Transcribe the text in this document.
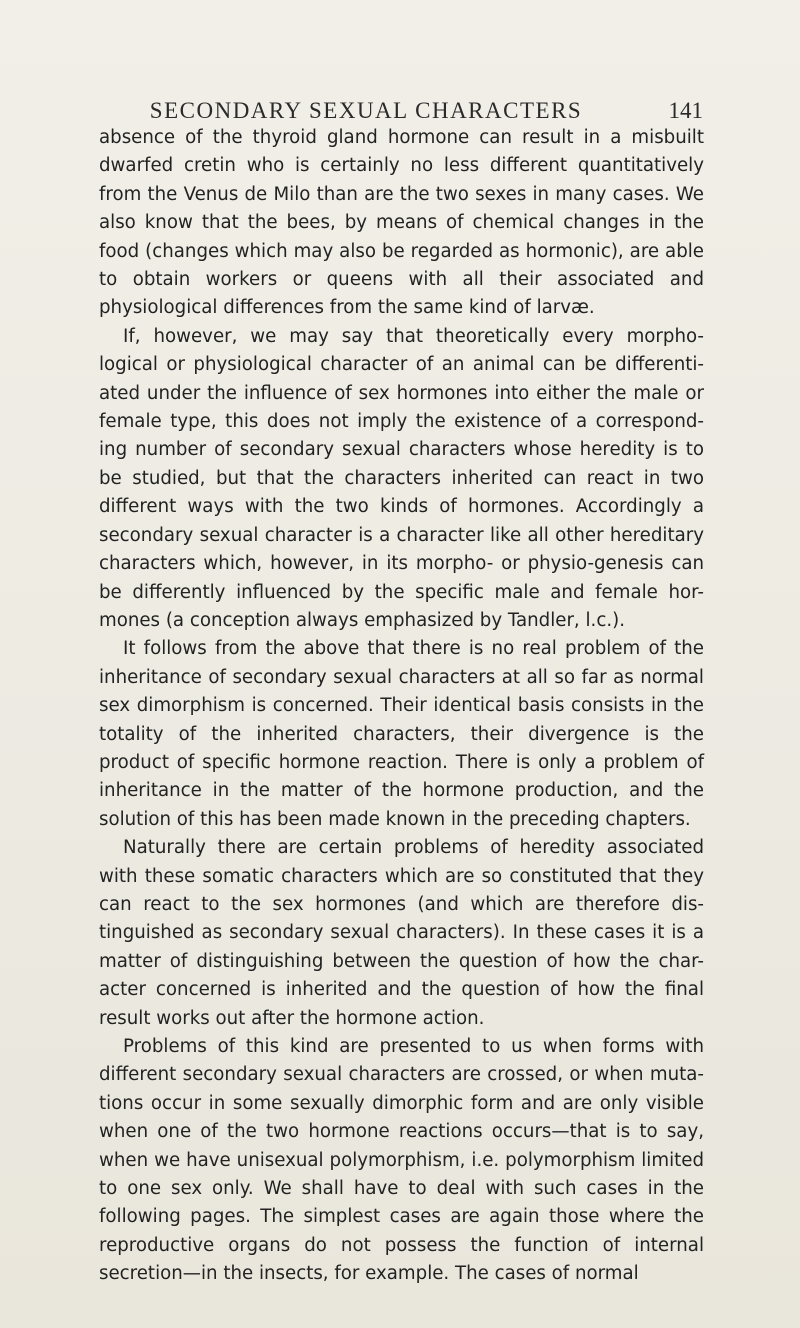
SECONDARY SEXUAL CHARACTERS	141

absence of the thyroid gland hormone can result in a misbuilt dwarfed cretin who is certainly no less different quantitatively from the Venus de Milo than are the two sexes in many cases. We also know that the bees, by means of chemical changes in the food (changes which may also be regarded as hormonic), are able to obtain workers or queens with all their associated and physiological differences from the same kind of larvæ.

If, however, we may say that theoretically every morpho-logical or physiological character of an animal can be differenti-ated under the influence of sex hormones into either the male or female type, this does not imply the existence of a correspond-ing number of secondary sexual characters whose heredity is to be studied, but that the characters inherited can react in two different ways with the two kinds of hormones. Accordingly a secondary sexual character is a character like all other hereditary characters which, however, in its morpho- or physio-genesis can be differently influenced by the specific male and female hor-mones (a conception always emphasized by Tandler, l.c.).

It follows from the above that there is no real problem of the inheritance of secondary sexual characters at all so far as normal sex dimorphism is concerned. Their identical basis consists in the totality of the inherited characters, their divergence is the product of specific hormone reaction. There is only a problem of inheritance in the matter of the hormone production, and the solution of this has been made known in the preceding chapters.

Naturally there are certain problems of heredity associated with these somatic characters which are so constituted that they can react to the sex hormones (and which are therefore dis-tinguished as secondary sexual characters). In these cases it is a matter of distinguishing between the question of how the char-acter concerned is inherited and the question of how the final result works out after the hormone action.

Problems of this kind are presented to us when forms with different secondary sexual characters are crossed, or when muta-tions occur in some sexually dimorphic form and are only visible when one of the two hormone reactions occurs—that is to say, when we have unisexual polymorphism, i.e. polymorphism limited to one sex only. We shall have to deal with such cases in the following pages. The simplest cases are again those where the reproductive organs do not possess the function of internal secretion—in the insects, for example. The cases of normal
